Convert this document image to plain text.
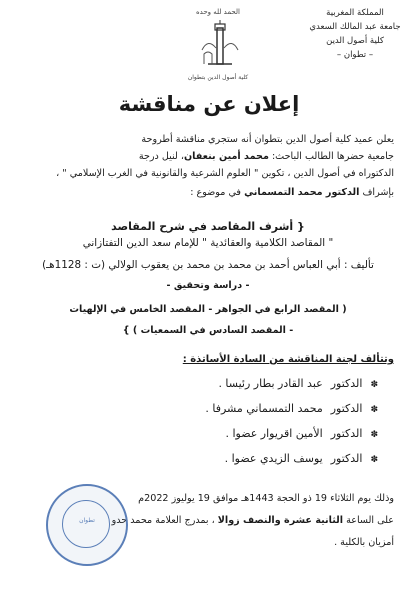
المملكة المغربية
جامعة عبد المالك السعدي
كلية أصول الدين
– تطوان –
الحمد لله وحده
كلية أصول الدين بتطوان
إعلان عن مناقشة
يعلن عميد كلية أصول الدين بتطوان أنه ستجري مناقشة أطروحة
جامعية حضرها الطالب الباحث: محمد أمين بنعفان، لنيل درجة
الدكتوراه في أصول الدين ، تكوين " العلوم الشرعية والقانونية في الغرب الإسلامي " ،
بإشراف الدكتور محمد التمسماني في موضوع :
{ أشرف المقاصد في شرح المقاصد
" المقاصد الكلامية والعقائدية " للإمام سعد الدين التفتازاني
تأليف : أبي العباس أحمد بن محمد بن محمد بن يعقوب الولالي (ت : 1128هـ)
- دراسة وتحقيق -
( المقصد الرابع في الجواهر - المقصد الخامس في الإلهيات
- المقصد السادس في السمعيات ) }
وتتألف لجنة المناقشة من السادة الأساتذة :
✽
الدكتور
عبد القادر بطار رئيسا .
✽
الدكتور
محمد التمسماني مشرفا .
✽
الدكتور
الأمين اقريوار عضوا .
✽
الدكتور
يوسف الزيدي عضوا .
وذلك يوم الثلاثاء 19 ذو الحجة 1443هـ موافق 19 يوليوز 2022م
على الساعة الثانية عشرة والنصف زوالا ، بمدرج العلامة محمد حدو
أمزيان بالكلية .
تطوان
